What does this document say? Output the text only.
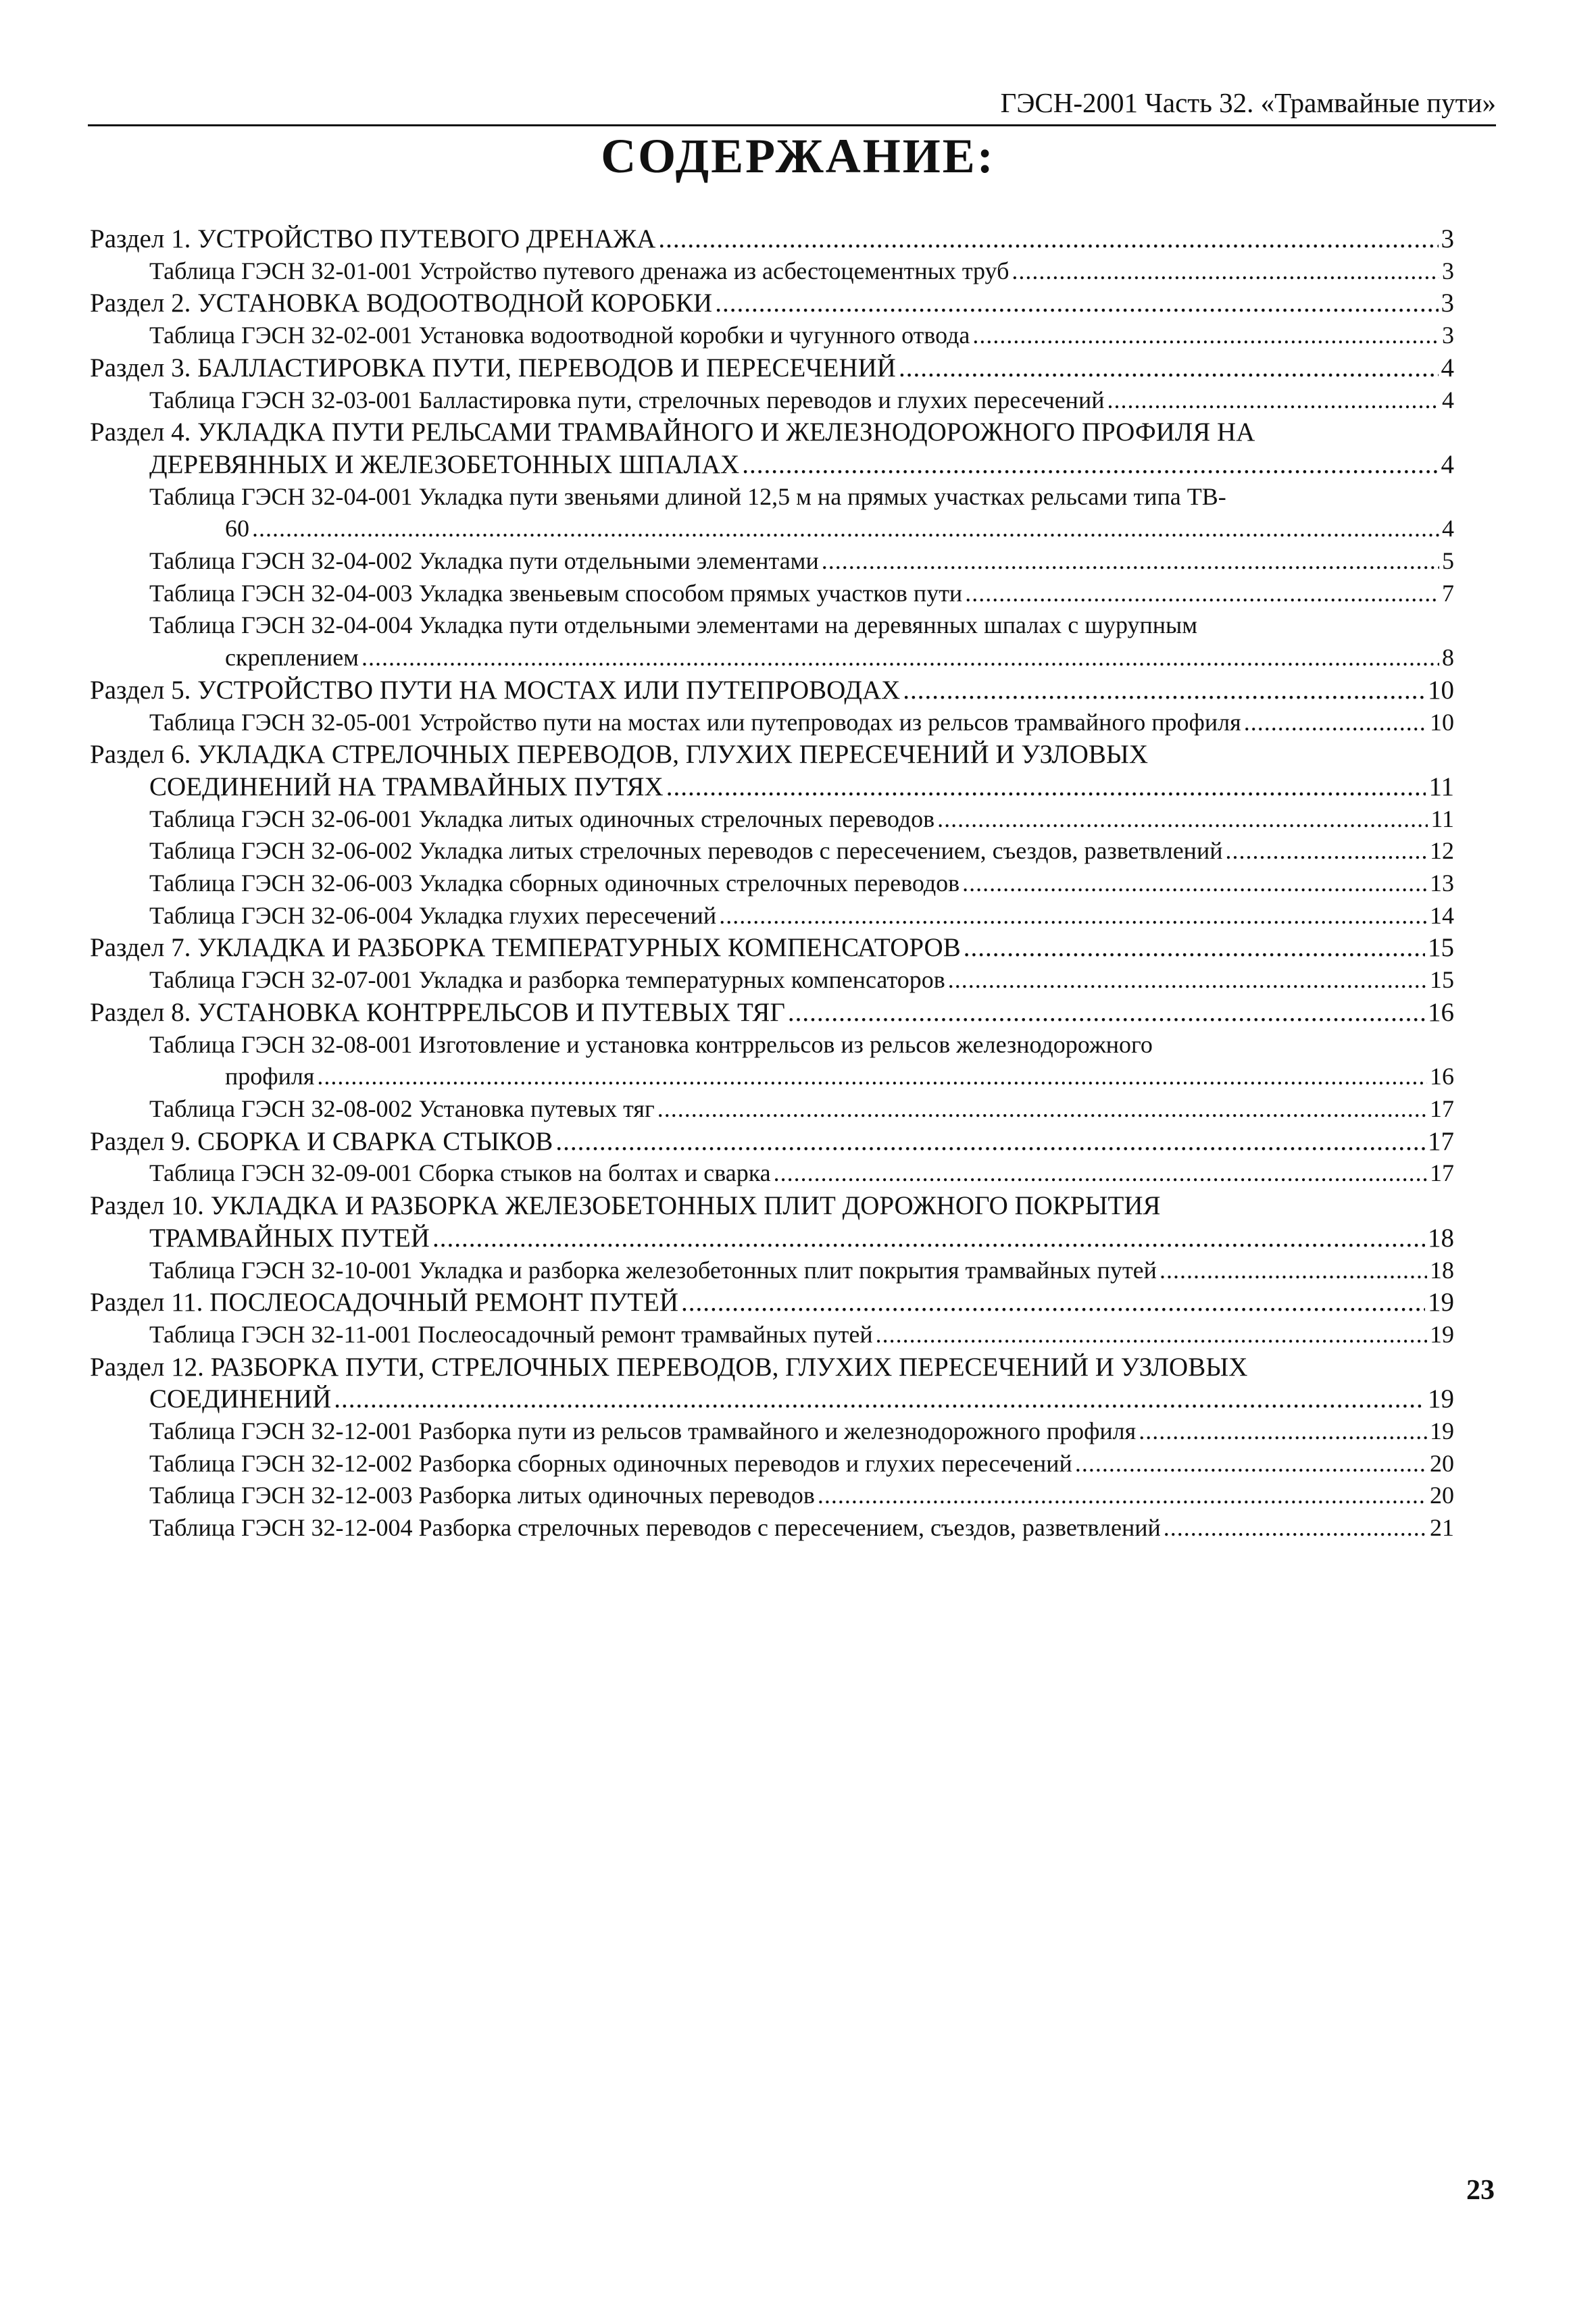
ГЭСН-2001 Часть 32. «Трамвайные пути»
СОДЕРЖАНИЕ:
Раздел 1. УСТРОЙСТВО ПУТЕВОГО ДРЕНАЖА .....	3
Таблица ГЭСН 32-01-001 Устройство путевого дренажа из асбестоцементных труб .....	3
Раздел 2. УСТАНОВКА ВОДООТВОДНОЙ КОРОБКИ .....	3
Таблица ГЭСН 32-02-001 Установка водоотводной коробки и чугунного отвода .....	3
Раздел 3. БАЛЛАСТИРОВКА ПУТИ, ПЕРЕВОДОВ И ПЕРЕСЕЧЕНИЙ .....	4
Таблица ГЭСН 32-03-001 Балластировка пути, стрелочных переводов и глухих пересечений .....	4
Раздел 4. УКЛАДКА ПУТИ РЕЛЬСАМИ ТРАМВАЙНОГО И ЖЕЛЕЗНОДОРОЖНОГО ПРОФИЛЯ НА
ДЕРЕВЯННЫХ И ЖЕЛЕЗОБЕТОННЫХ ШПАЛАХ .....	4
Таблица ГЭСН 32-04-001 Укладка пути звеньями длиной 12,5 м на прямых участках рельсами типа ТВ-
60 .....	4
Таблица ГЭСН 32-04-002 Укладка пути отдельными элементами .....	5
Таблица ГЭСН 32-04-003 Укладка звеньевым способом прямых участков пути .....	7
Таблица ГЭСН 32-04-004 Укладка пути отдельными элементами на деревянных шпалах с шурупным
скреплением .....	8
Раздел 5. УСТРОЙСТВО ПУТИ НА МОСТАХ ИЛИ ПУТЕПРОВОДАХ .....	10
Таблица ГЭСН 32-05-001 Устройство пути на мостах или путепроводах из рельсов трамвайного профиля .....	10
Раздел 6. УКЛАДКА СТРЕЛОЧНЫХ ПЕРЕВОДОВ, ГЛУХИХ ПЕРЕСЕЧЕНИЙ И УЗЛОВЫХ
СОЕДИНЕНИЙ НА ТРАМВАЙНЫХ ПУТЯХ .....	11
Таблица ГЭСН 32-06-001 Укладка литых одиночных стрелочных переводов .....	11
Таблица ГЭСН 32-06-002 Укладка литых стрелочных переводов с пересечением, съездов, разветвлений .....	12
Таблица ГЭСН 32-06-003 Укладка сборных одиночных стрелочных переводов .....	13
Таблица ГЭСН 32-06-004 Укладка глухих пересечений .....	14
Раздел 7. УКЛАДКА И РАЗБОРКА ТЕМПЕРАТУРНЫХ КОМПЕНСАТОРОВ .....	15
Таблица ГЭСН 32-07-001 Укладка и разборка температурных компенсаторов .....	15
Раздел 8. УСТАНОВКА КОНТРРЕЛЬСОВ И ПУТЕВЫХ ТЯГ .....	16
Таблица ГЭСН 32-08-001 Изготовление и установка контррельсов из рельсов железнодорожного
профиля .....	16
Таблица ГЭСН 32-08-002 Установка путевых тяг .....	17
Раздел 9. СБОРКА И СВАРКА СТЫКОВ .....	17
Таблица ГЭСН 32-09-001 Сборка стыков на болтах и сварка .....	17
Раздел 10. УКЛАДКА И РАЗБОРКА ЖЕЛЕЗОБЕТОННЫХ ПЛИТ ДОРОЖНОГО ПОКРЫТИЯ
ТРАМВАЙНЫХ ПУТЕЙ .....	18
Таблица ГЭСН 32-10-001 Укладка и разборка железобетонных плит покрытия трамвайных путей .....	18
Раздел 11. ПОСЛЕОСАДОЧНЫЙ РЕМОНТ ПУТЕЙ .....	19
Таблица ГЭСН 32-11-001 Послеосадочный ремонт трамвайных путей .....	19
Раздел 12. РАЗБОРКА ПУТИ, СТРЕЛОЧНЫХ ПЕРЕВОДОВ, ГЛУХИХ ПЕРЕСЕЧЕНИЙ И УЗЛОВЫХ
СОЕДИНЕНИЙ .....	19
Таблица ГЭСН 32-12-001 Разборка пути из рельсов трамвайного и железнодорожного профиля .....	19
Таблица ГЭСН 32-12-002 Разборка сборных одиночных переводов и глухих пересечений .....	20
Таблица ГЭСН 32-12-003 Разборка литых одиночных переводов .....	20
Таблица ГЭСН 32-12-004 Разборка стрелочных переводов с пересечением, съездов, разветвлений .....	21
23
